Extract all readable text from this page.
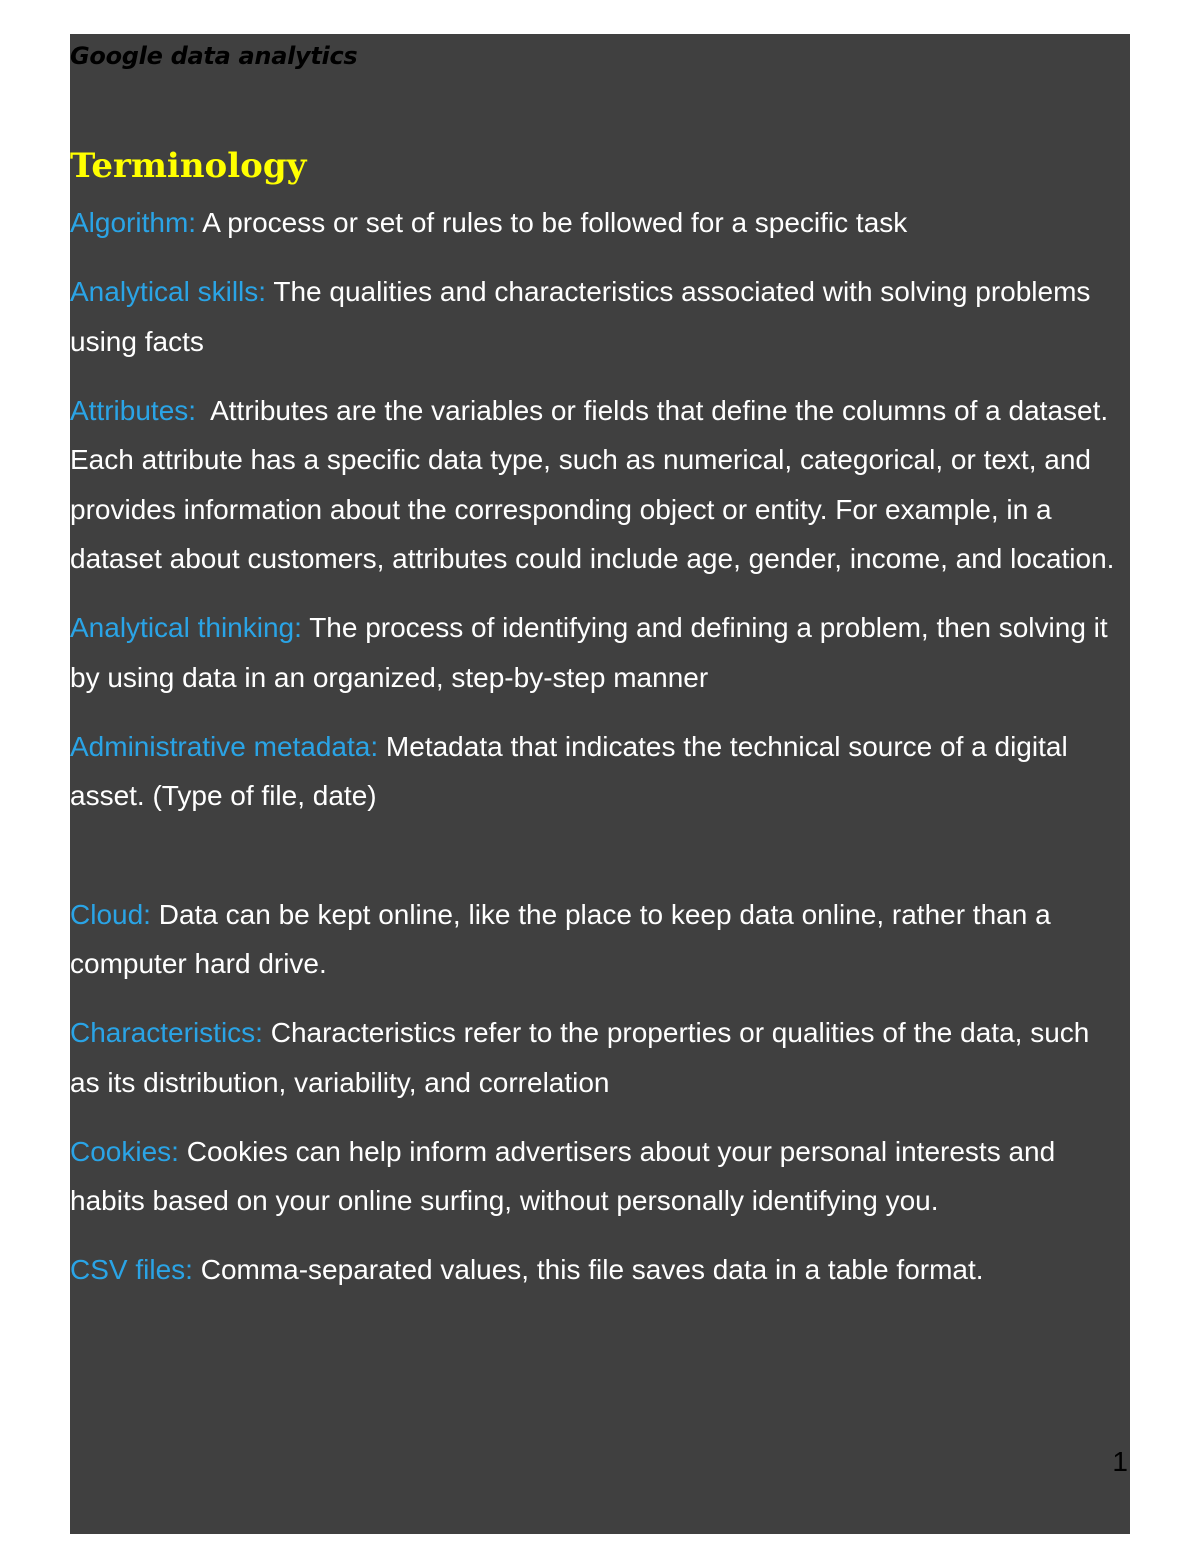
Google data analytics
Terminology

Algorithm: A process or set of rules to be followed for a specific task

Analytical skills: The qualities and characteristics associated with solving problems using facts

Attributes: Attributes are the variables or fields that define the columns of a dataset. Each attribute has a specific data type, such as numerical, categorical, or text, and provides information about the corresponding object or entity. For example, in a dataset about customers, attributes could include age, gender, income, and location.

Analytical thinking: The process of identifying and defining a problem, then solving it by using data in an organized, step-by-step manner

Administrative metadata: Metadata that indicates the technical source of a digital asset. (Type of file, date)

Cloud: Data can be kept online, like the place to keep data online, rather than a computer hard drive.

Characteristics: Characteristics refer to the properties or qualities of the data, such as its distribution, variability, and correlation

Cookies: Cookies can help inform advertisers about your personal interests and habits based on your online surfing, without personally identifying you.

CSV files: Comma-separated values, this file saves data in a table format.

1
